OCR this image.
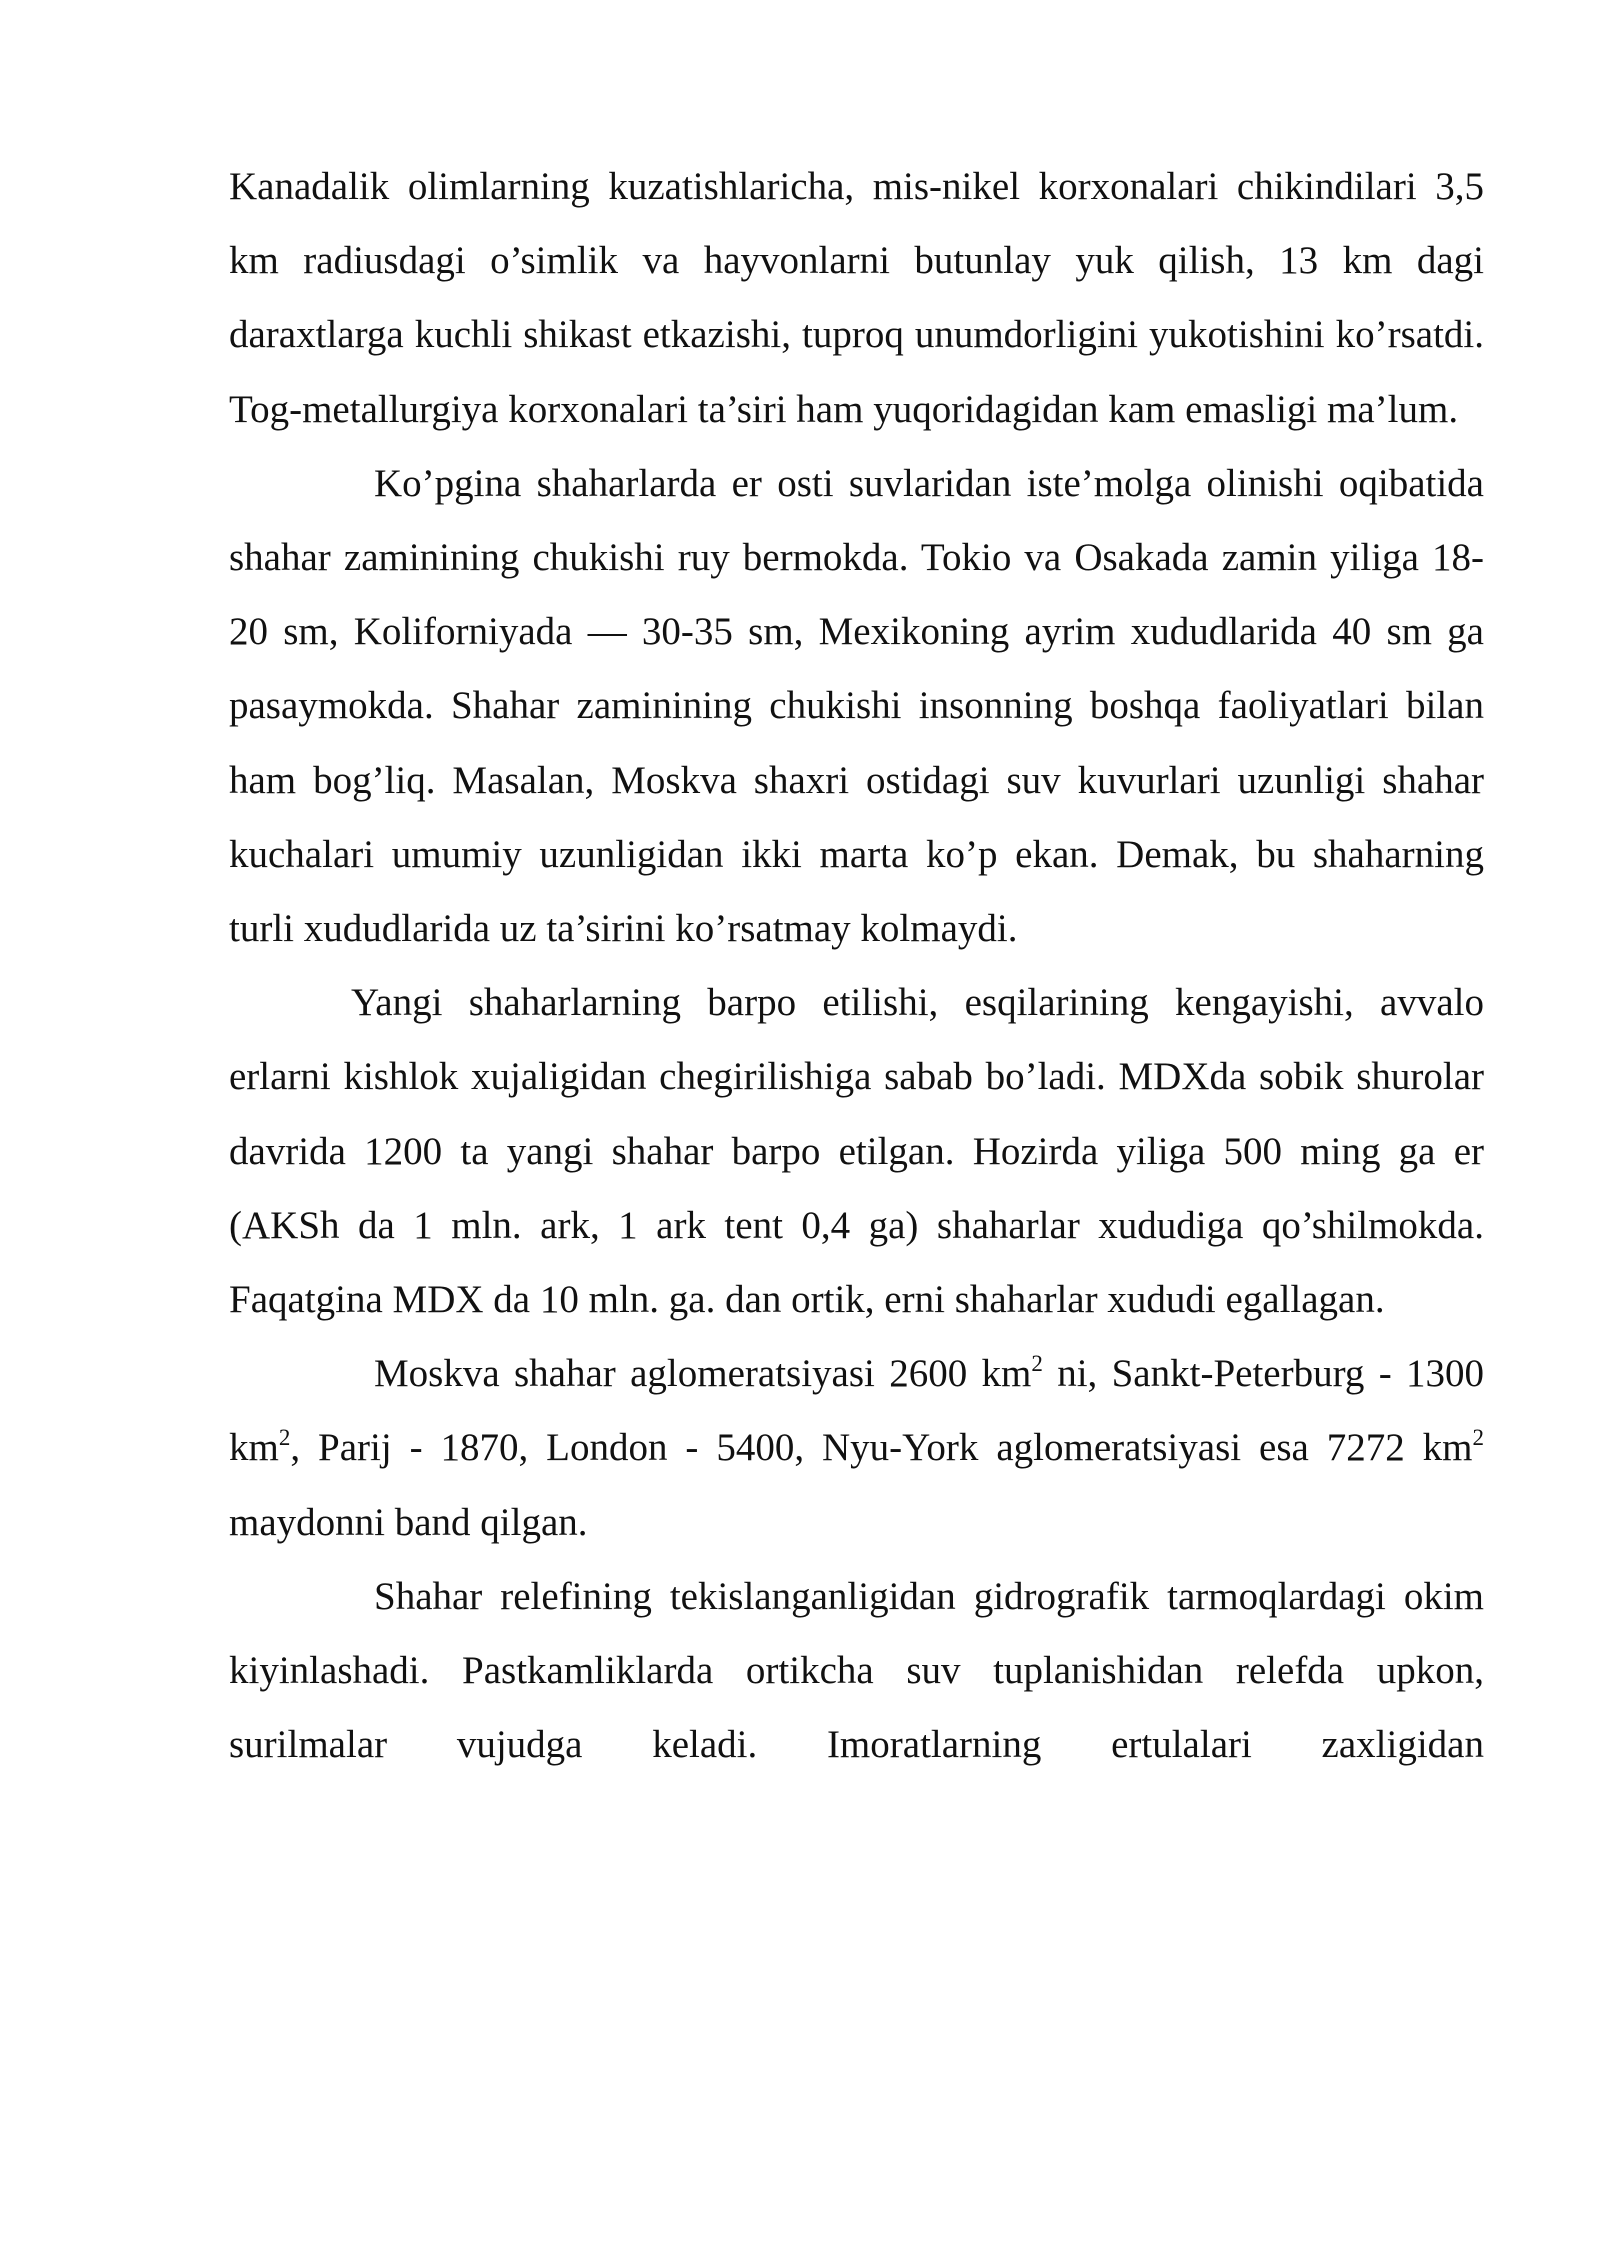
Kanadalik olimlarning kuzatishlaricha, mis-nikel korxonalari chikindilari 3,5 km radiusdagi o’simlik va hayvonlarni butunlay yuk qilish, 13 km dagi daraxtlarga kuchli shikast etkazishi, tuproq unumdorligini yukotishini ko’rsatdi. Tog-metallurgiya korxonalari ta’siri ham yuqoridagidan kam emasligi ma’lum.

Ko’pgina shaharlarda er osti suvlaridan iste’molga olinishi oqibatida shahar zaminining chukishi ruy bermokda. Tokio va Osakada zamin yiliga 18-20 sm, Koliforniyada — 30-35 sm, Mexikoning ayrim xududlarida 40 sm ga pasaymokda. Shahar zaminining chukishi insonning boshqa faoliyatlari bilan ham bog’liq. Masalan, Moskva shaxri ostidagi suv kuvurlari uzunligi shahar kuchalari umumiy uzunligidan ikki marta ko’p ekan. Demak, bu shaharning turli xududlarida uz ta’sirini ko’rsatmay kolmaydi.

Yangi shaharlarning barpo etilishi, esqilarining kengayishi, avvalo erlarni kishlok xujaligidan chegirilishiga sabab bo’ladi. MDXda sobik shurolar davrida 1200 ta yangi shahar barpo etilgan. Hozirda yiliga 500 ming ga er (AKSh da 1 mln. ark, 1 ark tent 0,4 ga) shaharlar xududiga qo’shilmokda. Faqatgina MDX da 10 mln. ga. dan ortik, erni shaharlar xududi egallagan.

Moskva shahar aglomeratsiyasi 2600 $km^2$ ni, Sankt-Peterburg - 1300 $km^2$, Parij - 1870, London - 5400, Nyu-York aglomeratsiyasi esa 7272 $km^2$ maydonni band qilgan.

Shahar relefining tekislanganligidan gidrografik tarmoqlardagi okim kiyinlashadi. Pastkamliklarda ortikcha suv tuplanishidan relefda upkon, surilmalar vujudga keladi. Imoratlarning ertulalari zaxligidan
